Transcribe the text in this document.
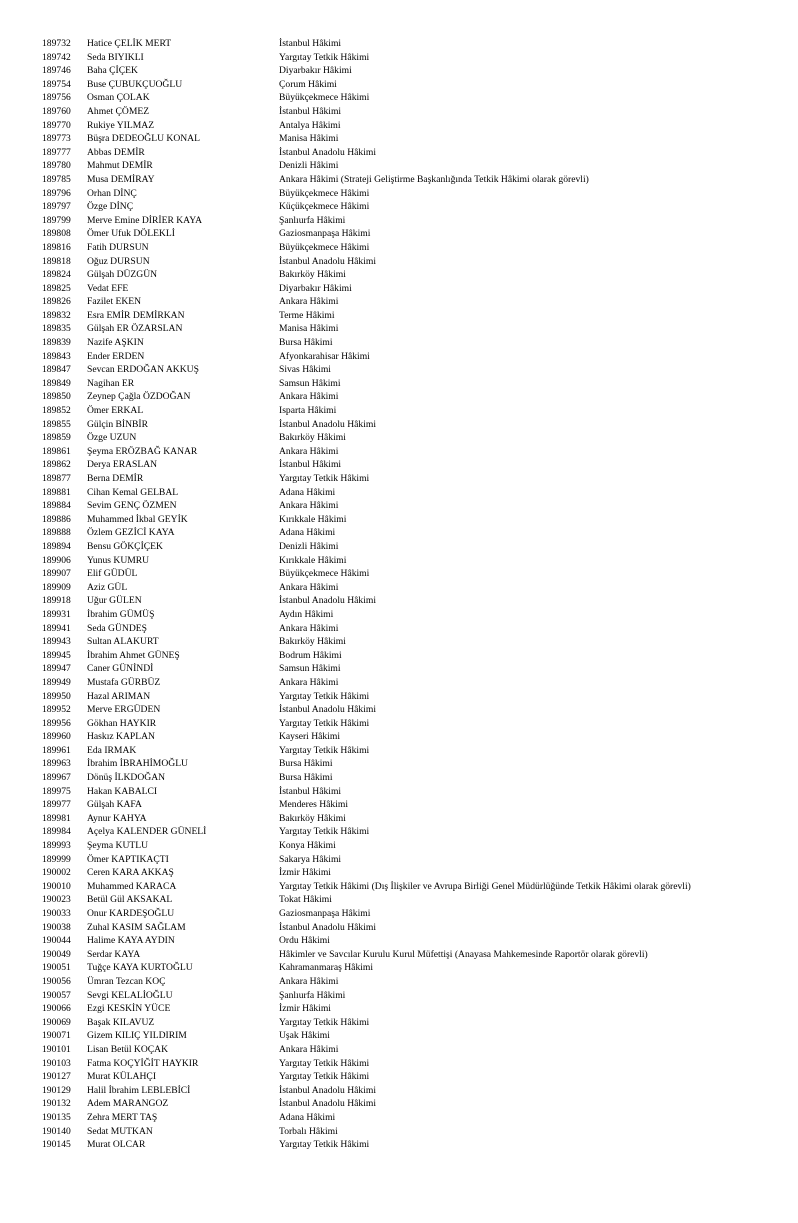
189732 Hatice ÇELİK MERT	İstanbul Hâkimi
189742 Seda BIYIKLI	Yargıtay Tetkik Hâkimi
189746 Baha ÇİÇEK	Diyarbakır Hâkimi
189754 Buse ÇUBUKÇUOĞLU	Çorum Hâkimi
189756 Osman ÇOLAK	Büyükçekmece Hâkimi
189760 Ahmet ÇÖMEZ	İstanbul Hâkimi
189770 Rukiye YILMAZ	Antalya Hâkimi
189773 Büşra DEDEOĞLU KONAL	Manisa Hâkimi
189777 Abbas DEMİR	İstanbul Anadolu Hâkimi
189780 Mahmut DEMİR	Denizli Hâkimi
189785 Musa DEMİRAY	Ankara Hâkimi (Strateji Geliştirme Başkanlığında Tetkik Hâkimi olarak görevli)
189796 Orhan DİNÇ	Büyükçekmece Hâkimi
189797 Özge DİNÇ	Küçükçekmece Hâkimi
189799 Merve Emine DİRİER KAYA	Şanlıurfa Hâkimi
189808 Ömer Ufuk DÖLEKLİ	Gaziosmanpaşa Hâkimi
189816 Fatih DURSUN	Büyükçekmece Hâkimi
189818 Oğuz DURSUN	İstanbul Anadolu Hâkimi
189824 Gülşah DÜZGÜN	Bakırköy Hâkimi
189825 Vedat EFE	Diyarbakır Hâkimi
189826 Fazilet EKEN	Ankara Hâkimi
189832 Esra EMİR DEMİRKAN	Terme Hâkimi
189835 Gülşah ER ÖZARSLAN	Manisa Hâkimi
189839 Nazife AŞKIN	Bursa Hâkimi
189843 Ender ERDEN	Afyonkarahisar Hâkimi
189847 Sevcan ERDOĞAN AKKUŞ	Sivas Hâkimi
189849 Nagihan ER	Samsun Hâkimi
189850 Zeynep Çağla ÖZDOĞAN	Ankara Hâkimi
189852 Ömer ERKAL	Isparta Hâkimi
189855 Gülçin BİNBİR	İstanbul Anadolu Hâkimi
189859 Özge UZUN	Bakırköy Hâkimi
189861 Şeyma ERÖZBAĞ KANAR	Ankara Hâkimi
189862 Derya ERASLAN	İstanbul Hâkimi
189877 Berna DEMİR	Yargıtay Tetkik Hâkimi
189881 Cihan Kemal GELBAL	Adana Hâkimi
189884 Sevim GENÇ ÖZMEN	Ankara Hâkimi
189886 Muhammed İkbal GEYİK	Kırıkkale Hâkimi
189888 Özlem GEZİCİ KAYA	Adana Hâkimi
189894 Bensu GÖKÇİÇEK	Denizli Hâkimi
189906 Yunus KUMRU	Kırıkkale Hâkimi
189907 Elif GÜDÜL	Büyükçekmece Hâkimi
189909 Aziz GÜL	Ankara Hâkimi
189918 Uğur GÜLEN	İstanbul Anadolu Hâkimi
189931 İbrahim GÜMÜŞ	Aydın Hâkimi
189941 Seda GÜNDEŞ	Ankara Hâkimi
189943 Sultan ALAKURT	Bakırköy Hâkimi
189945 İbrahim Ahmet GÜNEŞ	Bodrum Hâkimi
189947 Caner GÜNİNDİ	Samsun Hâkimi
189949 Mustafa GÜRBÜZ	Ankara Hâkimi
189950 Hazal ARIMAN	Yargıtay Tetkik Hâkimi
189952 Merve ERGÜDEN	İstanbul Anadolu Hâkimi
189956 Gökhan HAYKIR	Yargıtay Tetkik Hâkimi
189960 Haskız KAPLAN	Kayseri Hâkimi
189961 Eda IRMAK	Yargıtay Tetkik Hâkimi
189963 İbrahim İBRAHİMOĞLU	Bursa Hâkimi
189967 Dönüş İLKDOĞAN	Bursa Hâkimi
189975 Hakan KABALCI	İstanbul Hâkimi
189977 Gülşah KAFA	Menderes Hâkimi
189981 Aynur KAHYA	Bakırköy Hâkimi
189984 Açelya KALENDER GÜNELİ	Yargıtay Tetkik Hâkimi
189993 Şeyma KUTLU	Konya Hâkimi
189999 Ömer KAPTIKAÇTI	Sakarya Hâkimi
190002 Ceren KARA AKKAŞ	İzmir Hâkimi
190010 Muhammed KARACA	Yargıtay Tetkik Hâkimi (Dış İlişkiler ve Avrupa Birliği Genel Müdürlüğünde Tetkik Hâkimi olarak görevli)
190023 Betül Gül AKSAKAL	Tokat Hâkimi
190033 Onur KARDEŞOĞLU	Gaziosmanpaşa Hâkimi
190038 Zuhal KASIM SAĞLAM	İstanbul Anadolu Hâkimi
190044 Halime KAYA AYDIN	Ordu Hâkimi
190049 Serdar KAYA	Hâkimler ve Savcılar Kurulu Kurul Müfettişi (Anayasa Mahkemesinde Raportör olarak görevli)
190051 Tuğçe KAYA KURTOĞLU	Kahramanmaraş Hâkimi
190056 Ümran Tezcan KOÇ	Ankara Hâkimi
190057 Sevgi KELALİOĞLU	Şanlıurfa Hâkimi
190066 Ezgi KESKİN YÜCE	İzmir Hâkimi
190069 Başak KILAVUZ	Yargıtay Tetkik Hâkimi
190071 Gizem KILIÇ YILDIRIM	Uşak Hâkimi
190101 Lisan Betül KOÇAK	Ankara Hâkimi
190103 Fatma KOÇYİĞİT HAYKIR	Yargıtay Tetkik Hâkimi
190127 Murat KÜLAHÇI	Yargıtay Tetkik Hâkimi
190129 Halil İbrahim LEBLEBİCİ	İstanbul Anadolu Hâkimi
190132 Adem MARANGOZ	İstanbul Anadolu Hâkimi
190135 Zehra MERT TAŞ	Adana Hâkimi
190140 Sedat MUTKAN	Torbalı Hâkimi
190145 Murat OLCAR	Yargıtay Tetkik Hâkimi
